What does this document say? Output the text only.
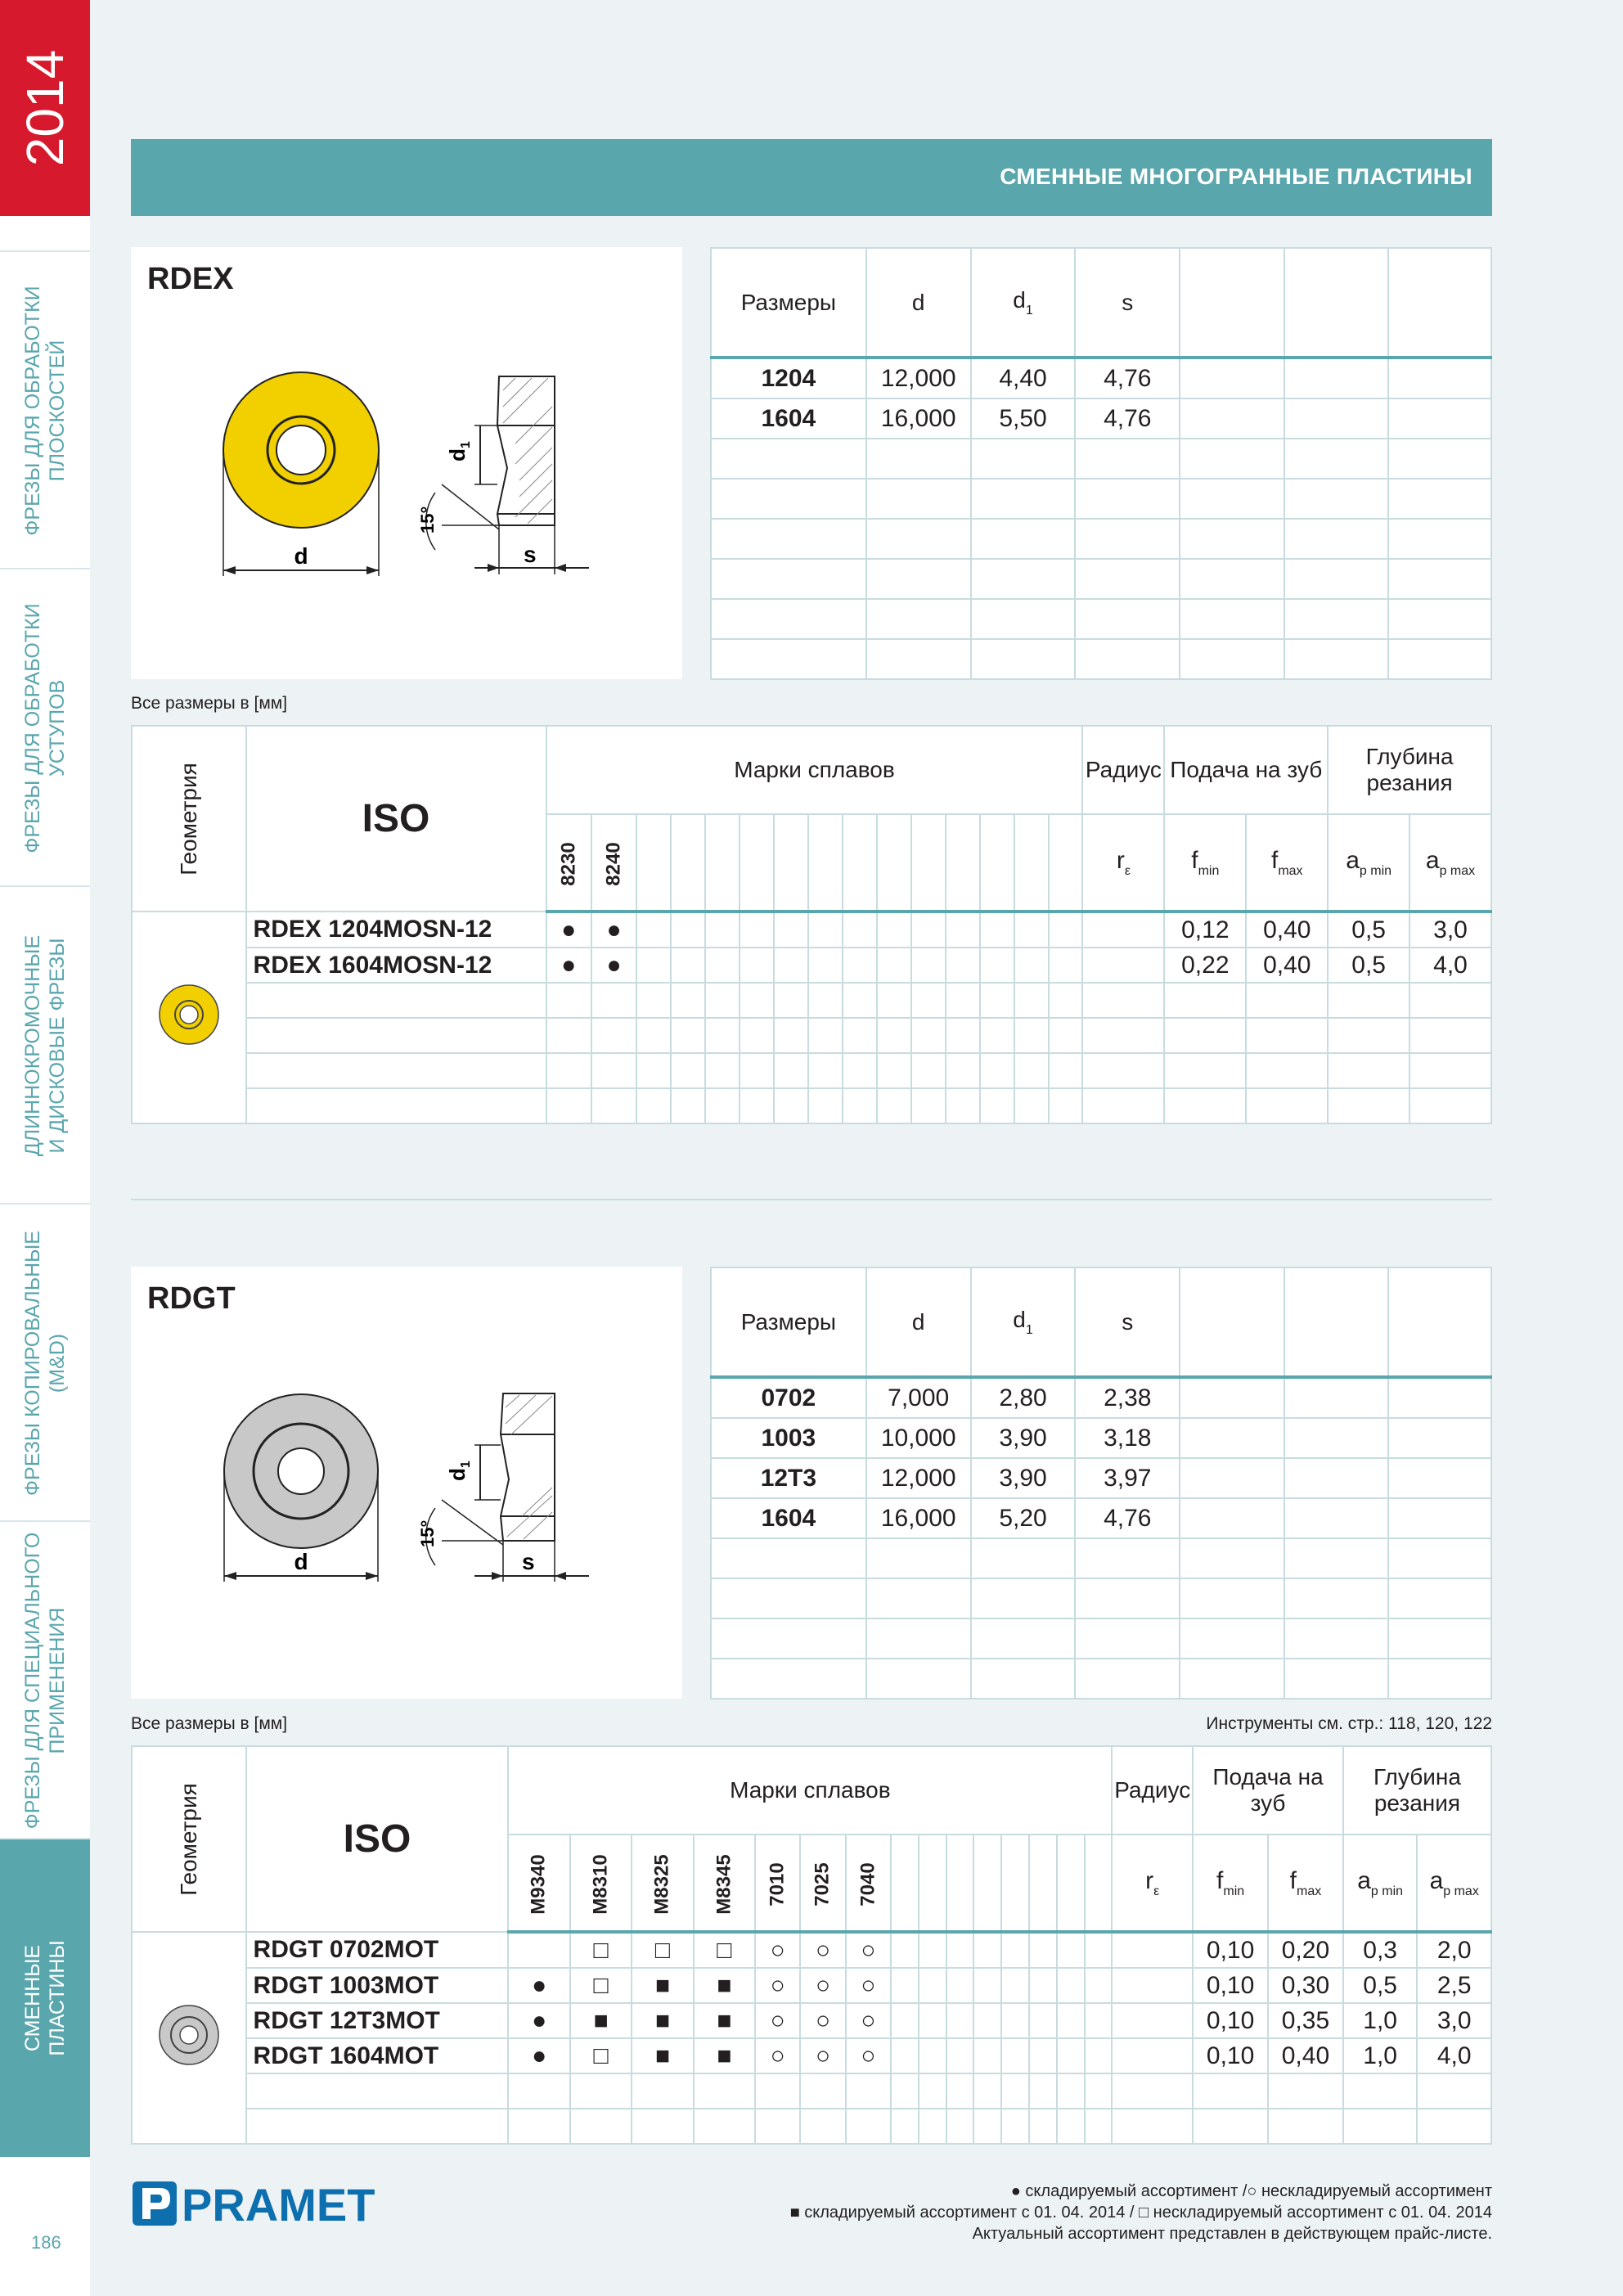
2014
ФРЕЗЫ ДЛЯ ОБРАБОТКИ
ПЛОСКОСТЕЙ
ФРЕЗЫ ДЛЯ ОБРАБОТКИ
УСТУПОВ
ДЛИННОКРОМОЧНЫЕ
И ДИСКОВЫЕ ФРЕЗЫ
ФРЕЗЫ КОПИРОВАЛЬНЫЕ
(M&D)
ФРЕЗЫ ДЛЯ СПЕЦИАЛЬНОГО
ПРИМЕНЕНИЯ
СМЕННЫЕ
ПЛАСТИНЫ
186
СМЕННЫЕ МНОГОГРАННЫЕ ПЛАСТИНЫ
RDEX
d
$d_1$
15°
s
Размеры	d	$d_1$	s			
1204	12,000	4,40	4,76			
1604	16,000	5,50	4,76			

Все размеры в [мм]
Геометрия	ISO	Марки сплавов															Радиус	Подача на зуб		Глубина резания	
		8230	8240														$r_\varepsilon$	$f_{min}$	$f_{max}$	$a_{p min}$	$a_{p max}$
	RDEX 1204MOSN-12	●	●															0,12	0,40	0,5	3,0
	RDEX 1604MOSN-12	●	●															0,22	0,40	0,5	4,0

RDGT
d
$d_1$
15°
s
Размеры	d	$d_1$	s			
0702	7,000	2,80	2,38			
1003	10,000	3,90	3,18			
12T3	12,000	3,90	3,97			
1604	16,000	5,20	4,76			

Все размеры в [мм]	Инструменты см. стр.: 118, 120, 122
Геометрия	ISO	Марки сплавов															Радиус	Подача на зуб		Глубина резания	
		M9340	M8310	M8325	M8345	7010	7025	7040									$r_\varepsilon$	$f_{min}$	$f_{max}$	$a_{p min}$	$a_{p max}$
	RDGT 0702MOT		□	□	□	○	○	○										0,10	0,20	0,3	2,0
	RDGT 1003MOT	●	□	■	■	○	○	○										0,10	0,30	0,5	2,5
	RDGT 12T3MOT	●	■	■	■	○	○	○										0,10	0,35	1,0	3,0
	RDGT 1604MOT	●	□	■	■	○	○	○										0,10	0,40	1,0	4,0

PRAMET	● складируемый ассортимент /○ нескладируемый ассортимент
■ складируемый ассортимент с 01. 04. 2014 / □ нескладируемый ассортимент с 01. 04. 2014
Актуальный ассортимент представлен в действующем прайс-листе.
